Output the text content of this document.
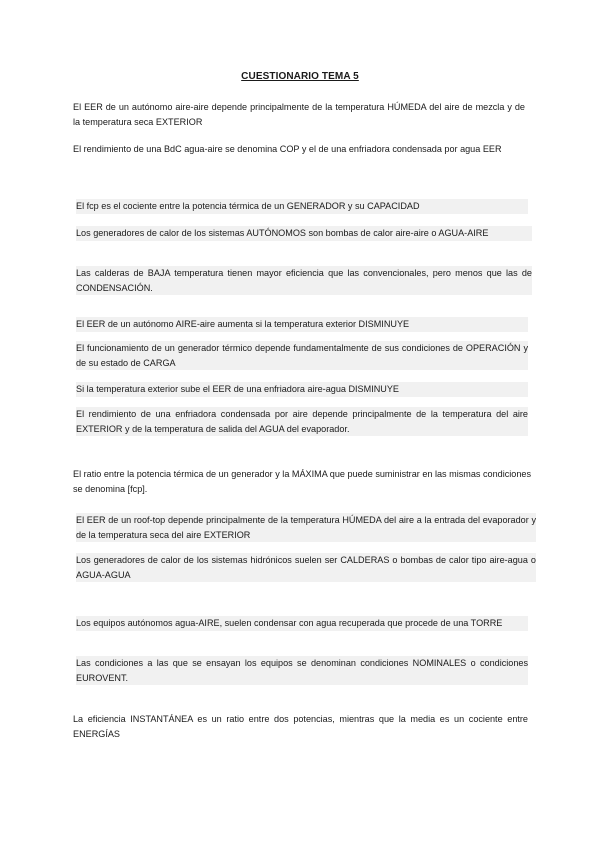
CUESTIONARIO TEMA 5

El EER de un autónomo aire-aire depende principalmente de la temperatura HÚMEDA del aire de mezcla y de la temperatura seca EXTERIOR

El rendimiento de una BdC agua-aire se denomina COP y el de una enfriadora condensada por agua EER

El fcp es el cociente entre la potencia térmica de un GENERADOR y su CAPACIDAD

Los generadores de calor de los sistemas AUTÓNOMOS son bombas de calor aire-aire o AGUA-AIRE

Las calderas de BAJA temperatura tienen mayor eficiencia que las convencionales, pero menos que las de CONDENSACIÓN.

El EER de un autónomo AIRE-aire aumenta si la temperatura exterior DISMINUYE

El funcionamiento de un generador térmico depende fundamentalmente de sus condiciones de OPERACIÓN y de su estado de CARGA

Si la temperatura exterior sube el EER de una enfriadora aire-agua DISMINUYE

El rendimiento de una enfriadora condensada por aire depende principalmente de la temperatura del aire EXTERIOR y de la temperatura de salida del AGUA del evaporador.

El ratio entre la potencia térmica de un generador y la MÁXIMA que puede suministrar en las mismas condiciones se denomina [fcp].

El EER de un roof-top depende principalmente de la temperatura HÚMEDA del aire a la entrada del evaporador y de la temperatura seca del aire EXTERIOR

Los generadores de calor de los sistemas hidrónicos suelen ser CALDERAS o bombas de calor tipo aire-agua o AGUA-AGUA

Los equipos autónomos agua-AIRE, suelen condensar con agua recuperada que procede de una TORRE

Las condiciones a las que se ensayan los equipos se denominan condiciones NOMINALES o condiciones EUROVENT.

La eficiencia INSTANTÁNEA es un ratio entre dos potencias, mientras que la media es un cociente entre ENERGÍAS
